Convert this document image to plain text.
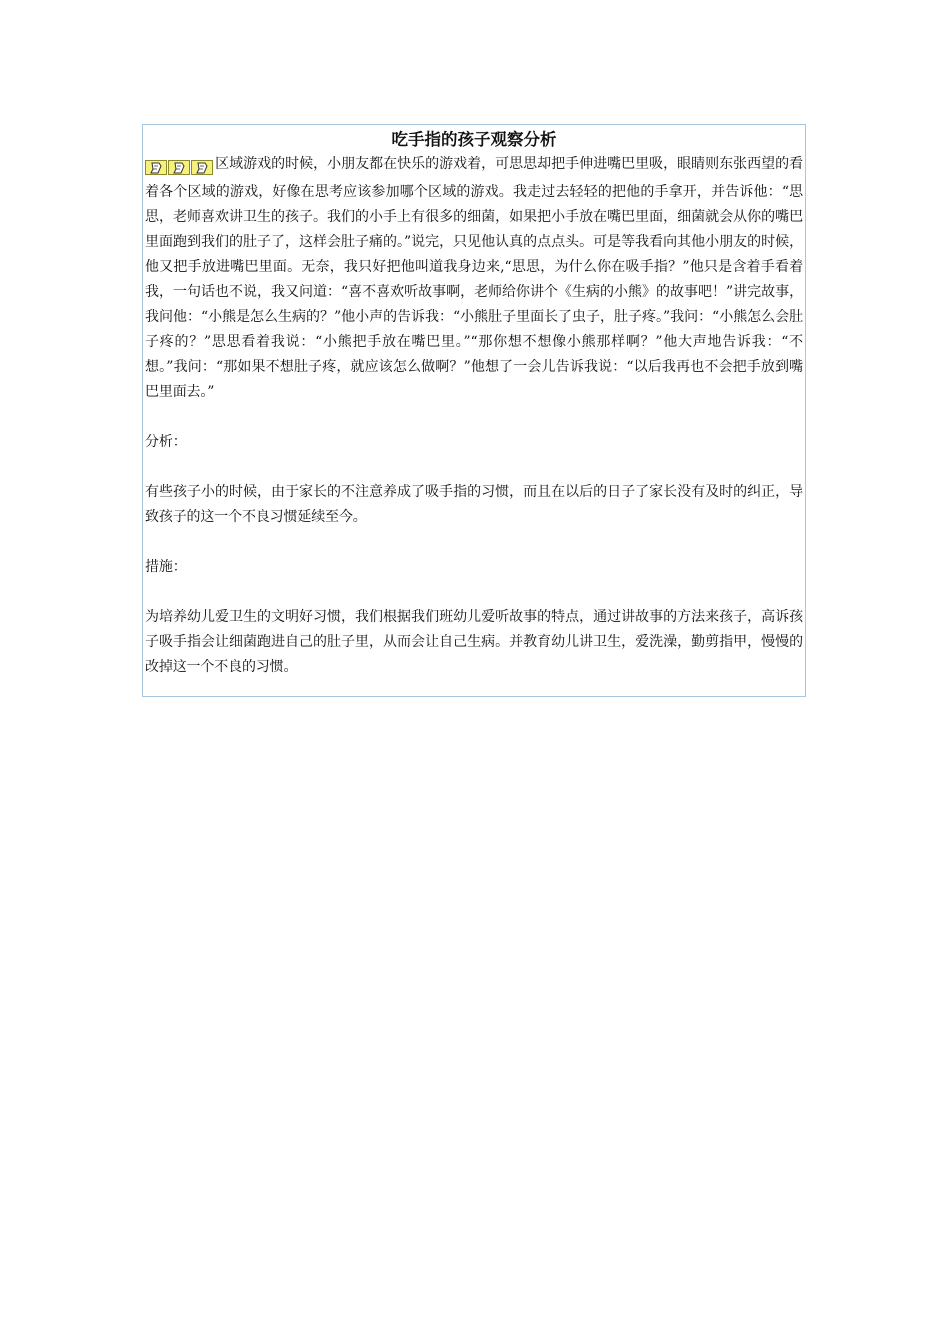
吃手指的孩子观察分析

区域游戏的时候，小朋友都在快乐的游戏着，可思思却把手伸进嘴巴里吸，眼睛则东张西望的看着各个区域的游戏，好像在思考应该参加哪个区域的游戏。我走过去轻轻的把他的手拿开，并告诉他：“思思，老师喜欢讲卫生的孩子。我们的小手上有很多的细菌，如果把小手放在嘴巴里面，细菌就会从你的嘴巴里面跑到我们的肚子了，这样会肚子痛的。”说完，只见他认真的点点头。可是等我看向其他小朋友的时候，他又把手放进嘴巴里面。无奈，我只好把他叫道我身边来,“思思，为什么你在吸手指？”他只是含着手看着我，一句话也不说，我又问道：“喜不喜欢听故事啊，老师给你讲个《生病的小熊》的故事吧！”讲完故事，我问他：“小熊是怎么生病的？”他小声的告诉我：“小熊肚子里面长了虫子，肚子疼。”我问：“小熊怎么会肚子疼的？”思思看着我说：“小熊把手放在嘴巴里。”“那你想不想像小熊那样啊？”他大声地告诉我：“不想。”我问：“那如果不想肚子疼，就应该怎么做啊？”他想了一会儿告诉我说：“以后我再也不会把手放到嘴巴里面去。”

分析：

有些孩子小的时候，由于家长的不注意养成了吸手指的习惯，而且在以后的日子了家长没有及时的纠正，导致孩子的这一个不良习惯延续至今。

措施：

为培养幼儿爱卫生的文明好习惯，我们根据我们班幼儿爱听故事的特点，通过讲故事的方法来孩子，高诉孩子吸手指会让细菌跑进自己的肚子里，从而会让自己生病。并教育幼儿讲卫生，爱洗澡，勤剪指甲，慢慢的改掉这一个不良的习惯。
